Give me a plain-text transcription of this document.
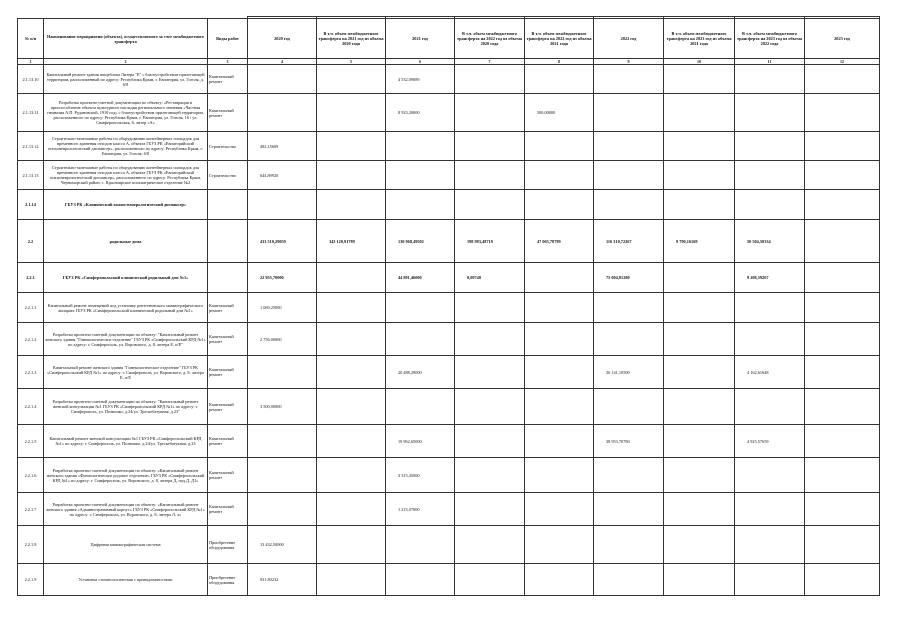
№ п/п	Наименование мероприятия (объекта), осуществляемого за счет межбюджетного трансферта	Виды работ	2020 год	В т.ч. объем межбюджетного трансферта на 2021 год из объема 2020 года	2021 год	В т.ч. объем межбюджетного трансферта на 2022 год из объема 2020 года	В т.ч. объем межбюджетного трансферта на 2022 год из объема 2021 года	2022 год	В т.ч. объем межбюджетного трансферта на 2023 год из объема 2021 года	В т.ч. объем межбюджетного трансферта на 2023 год из объема 2022 года	2023 год
1	2	3	4	5	6	7	8	9	10	11	12
2.1.13.10	Капитальный ремонт здания пищеблока Литера "Е" с благоустройством прилегающей территории, расположенный по адресу: Республика Крым, г. Евпатория, ул. Гоголя, д. 6/8	Капитальный ремонт			4 532,09089						
2.1.13.11	Разработка проектно-сметной документации по объекту: «Реставрация и приспособление объекта культурного наследия регионального значения «Частная гимназия А.П. Рудановской, 1910 год» с благоустройством прилегающей территории, расположенного по адресу: Республика Крым, г. Евпатория, ул. Гоголя, 16 / ул. Симферопольская, 6, литер «А»	Капитальный ремонт			8 923,20000		500,00000				
2.1.13.12	Строительно-монтажные работы по оборудованию контейнерных площадок для временного хранения отходов класса А, объекта ГБУЗ РК «Евпаторийский психоневрологический диспансер», расположенного по адресу: Республика Крым, г. Евпатория, ул. Гоголя, 6/8	Строительство	492,15609								
2.1.13.13	Строительно-монтажные работы по оборудованию контейнерных площадок для временного хранения отходов класса А, объекта ГБУЗ РК «Евпаторийский психоневрологический диспансер», расположенного по адресу: Республика Крым, Черноморский район, с. Красноярское психиатрическое отделение №2	Строительство	644,89920								
2.1.14	ГБУЗ РК «Клинический кожно-венерологический диспансер»										
2.2	родильные дома		433 510,29059	343 120,91789	130 968,49502	198 983,48718	47 065,78799	116 310,72267	9 790,16169	50 504,50334	
2.2.1	ГБУЗ РК «Симферопольский клинический родильный дом №1»		22 955,70000		44 891,46000	8,00748		75 094,81280		9 208,59267	
2.2.1.1	Капитальный ремонт помещений под установку рентгеновского маммографического аппарата ГБУЗ РК «Симферопольский клинический родильный дом №1»	Капитальный ремонт	1 069,25000								
2.2.1.2	Разработка проектно-сметной документации по объекту: "Капитальный ремонт женского здания "Гинекологическое отделение" ГБУЗ РК «Симферопольский КРД №1» по адресу: г. Симферополь, ул. Воровского, д. 8, литера Е, п/Е"	Капитальный ремонт	2 756,00000								
2.2.1.3	Капитальный ремонт женского здания "Гинекологическое отделение" ГБУЗ РК «Симферопольский КРД №1» по адресу: г. Симферополь, ул. Воровского, д. 8, литера Е, п/Е	Капитальный ремонт			20 488,29000			36 141,10500		4 162,61648	
2.2.1.4	Разработка проектно-сметной документации по объекту: "Капитальный ремонт женской консультации №1 ГБУЗ РК «Симферопольский КРД №1» по адресу: г. Симферополь, ул. Полюшко, д.24/ул. Трескебатукная, д.23"	Капитальный ремонт	3 500,00000								
2.2.1.5	Капитальный ремонт женской консультации №1 ГБУЗ РК «Симферопольский КРД №1» по адресу: г. Симферополь, ул. Полюшко, д.24/ул. Трескебатукная, д.23	Капитальный ремонт			19 962,65000			38 953,70780		4 925,57659	
2.2.1.6	Разработка проектно-сметной документации по объекту: «Капитальный ремонт женского здания «Физиологическое родовое отделение» ГБУЗ РК «Симферопольский КРД №1» по адресу: г. Симферополь, ул. Воровского, д. 8, литера Д, под.Д, Д1»	Капитальный ремонт			3 315,45000						
2.2.1.7	Разработка проектно-сметной документации по объекту: «Капитальный ремонт женского здания «Административный корпус» ГБУЗ РК «Симферопольский КРД №1» по адресу: г. Симферополь, ул. Воровского, д. 8, литера Л, л»	Капитальный ремонт			1 215,07000						
2.2.1.8	Цифровая маммографическая система	Приобретение оборудования	13 432,50000								
2.2.1.9	Установка стоматологическая с принадлежностями	Приобретение оборудования	931,80232								
